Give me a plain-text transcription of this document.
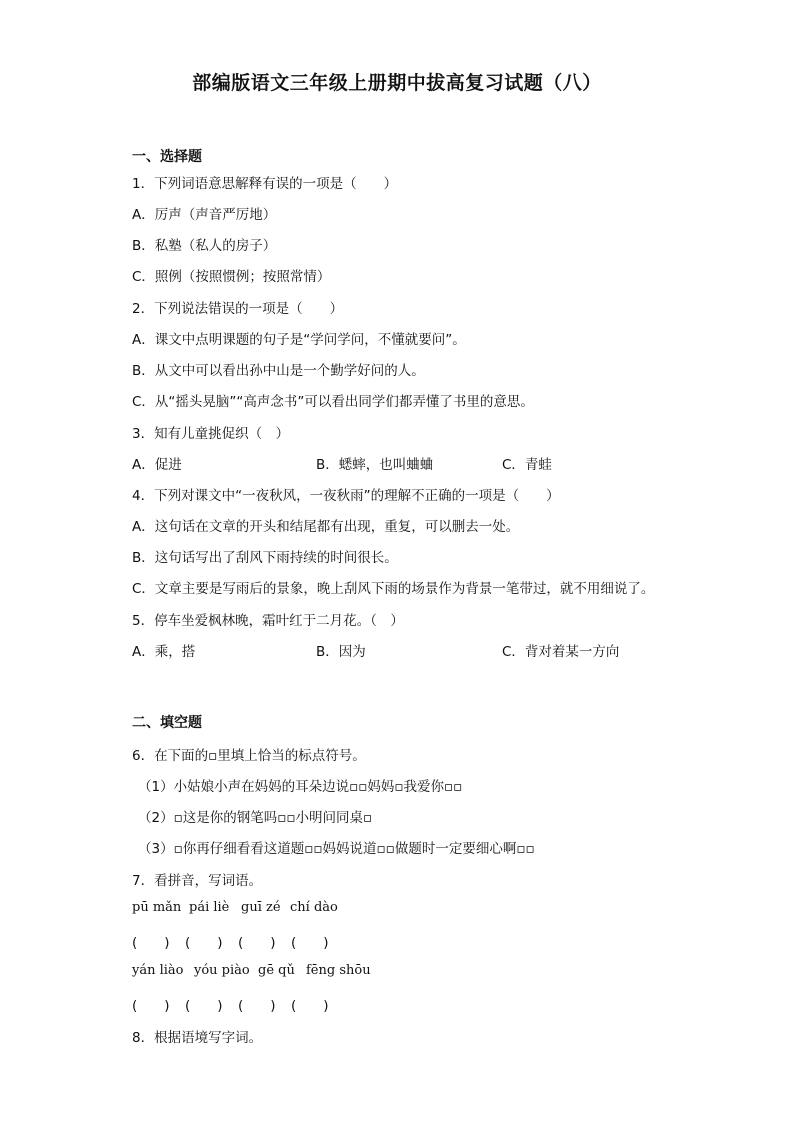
部编版语文三年级上册期中拔高复习试题（八）
一、选择题
1．下列词语意思解释有误的一项是（　　）
A．厉声（声音严厉地）
B．私塾（私人的房子）
C．照例（按照惯例；按照常情）
2．下列说法错误的一项是（　　）
A．课文中点明课题的句子是“学问学问，不懂就要问”。
B．从文中可以看出孙中山是一个勤学好问的人。
C．从“摇头晃脑”“高声念书”可以看出同学们都弄懂了书里的意思。
3．知有儿童挑促织（　）
A．促进	B．蟋蟀，也叫蛐蛐	C．青蛙
4．下列对课文中“一夜秋风，一夜秋雨”的理解不正确的一项是（　　）
A．这句话在文章的开头和结尾都有出现，重复，可以删去一处。
B．这句话写出了刮风下雨持续的时间很长。
C．文章主要是写雨后的景象，晚上刮风下雨的场景作为背景一笔带过，就不用细说了。
5．停车坐爱枫林晚，霜叶红于二月花。（　）
A．乘，搭	B．因为	C．背对着某一方向
二、填空题
6．在下面的▫里填上恰当的标点符号。
（1）小姑娘小声在妈妈的耳朵边说▫▫妈妈▫我爱你▫▫
（2）▫这是你的钢笔吗▫▫小明问同桌▫
（3）▫你再仔细看看这道题▫▫妈妈说道▫▫做题时一定要细心啊▫▫
7．看拼音，写词语。
pū mǎn pái liè guī zé chí dào
(　　) (　　) (　　) (　　)
yán liào yóu piào gē qǔ fēng shōu
(　　) (　　) (　　) (　　)
8．根据语境写字词。
